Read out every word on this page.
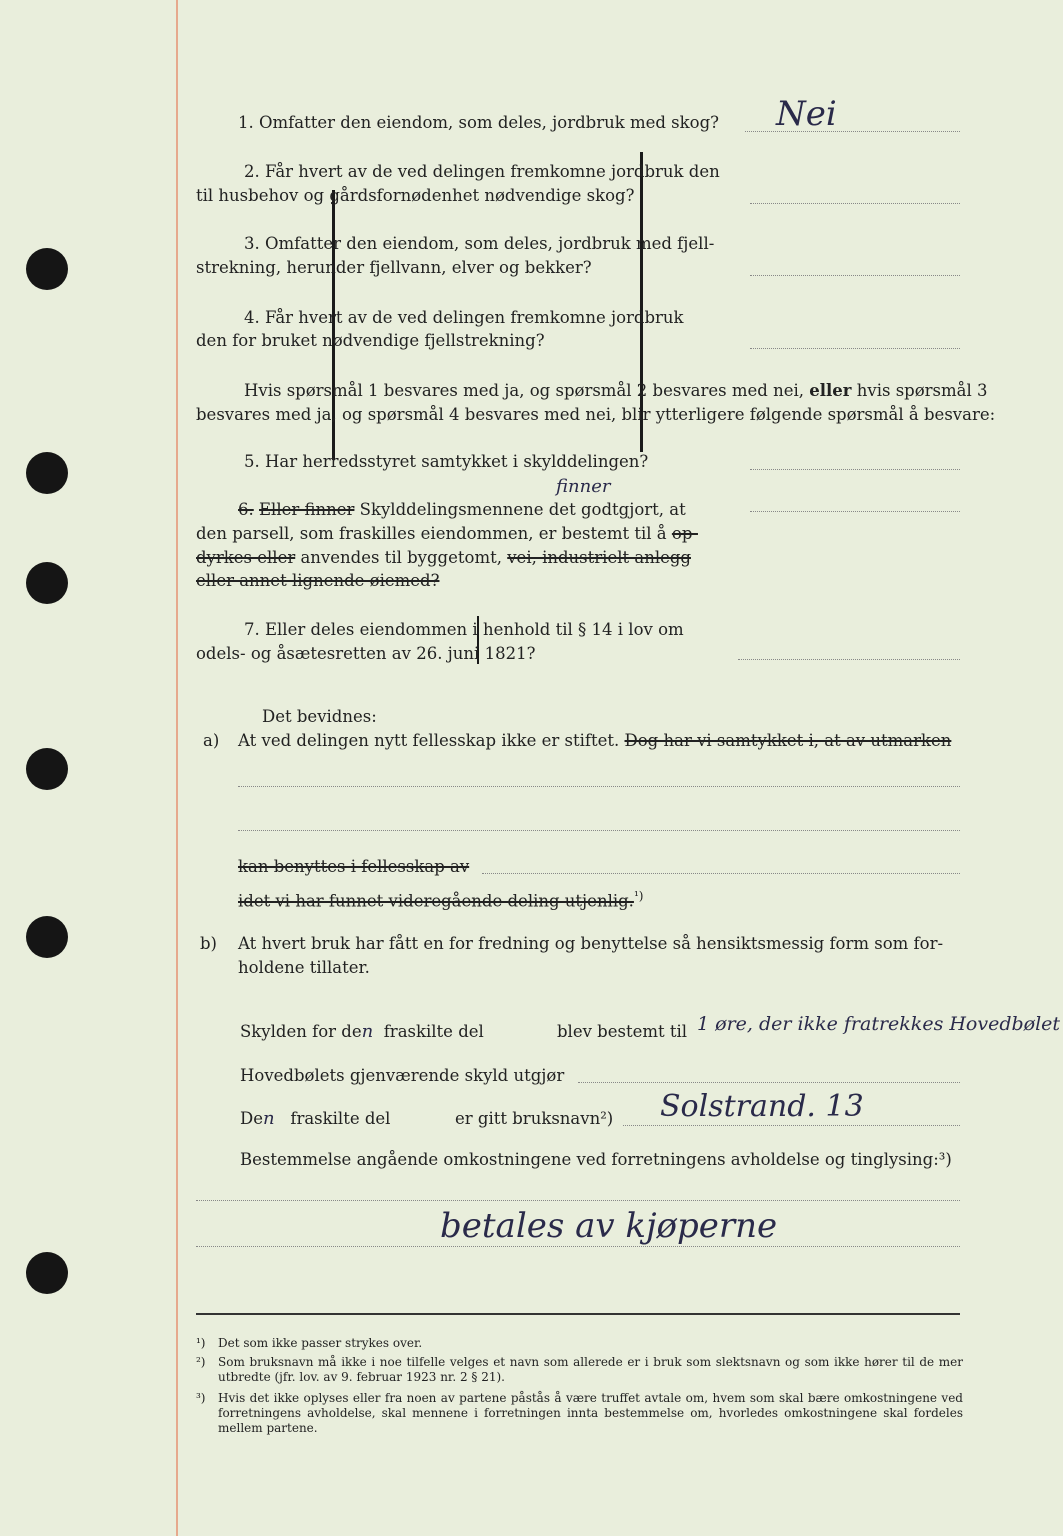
1. Omfatter den eiendom, som deles, jordbruk med skog? Nei
2. Får hvert av de ved delingen fremkomne jordbruk den
til husbehov og gårdsfornødenhet nødvendige skog?
3. Omfatter den eiendom, som deles, jordbruk med fjell-
strekning, herunder fjellvann, elver og bekker?
4. Får hvert av de ved delingen fremkomne jordbruk
den for bruket nødvendige fjellstrekning?
Hvis spørsmål 1 besvares med ja, og spørsmål 2 besvares med nei, eller hvis spørsmål 3
besvares med ja, og spørsmål 4 besvares med nei, blir ytterligere følgende spørsmål å besvare:
5. Har herredsstyret samtykket i skylddelingen?
finner
6. Eller finner Skylddelingsmennene det godtgjort, at
den parsell, som fraskilles eiendommen, er bestemt til å op-
dyrkes eller anvendes til byggetomt, vei, industrielt anlegg
eller annet lignende øiemed?
7. Eller deles eiendommen i henhold til § 14 i lov om
odels- og åsætesretten av 26. juni 1821?
Det bevidnes:
a) At ved delingen nytt fellesskap ikke er stiftet. Dog har vi samtykket i, at av utmarken
kan benyttes i fellesskap av
idet vi har funnet videregående deling utjenlig.$^{^1)}$
b) At hvert bruk har fått en for fredning og benyttelse så hensiktsmessig form som for-
holdene tillater.
Skylden for den fraskilte del	blev bestemt til 1 øre, der ikke fratrekkes Hovedbølet
Hovedbølets gjenværende skyld utgjør
Den fraskilte del	er gitt bruksnavn²) Solstrand. 13
Bestemmelse angående omkostningene ved forretningens avholdelse og tinglysing:³)
betales av kjøperne
¹) Det som ikke passer strykes over.
²) Som bruksnavn må ikke i noe tilfelle velges et navn som allerede er i bruk som slektsnavn og som ikke hører til de mer utbredte (jfr. lov. av 9. februar 1923 nr. 2 § 21).
³) Hvis det ikke oplyses eller fra noen av partene påstås å være truffet avtale om, hvem som skal bære omkostningene ved forretningens avholdelse, skal mennene i forretningen innta bestemmelse om, hvorledes omkostningene skal fordeles mellem partene.
